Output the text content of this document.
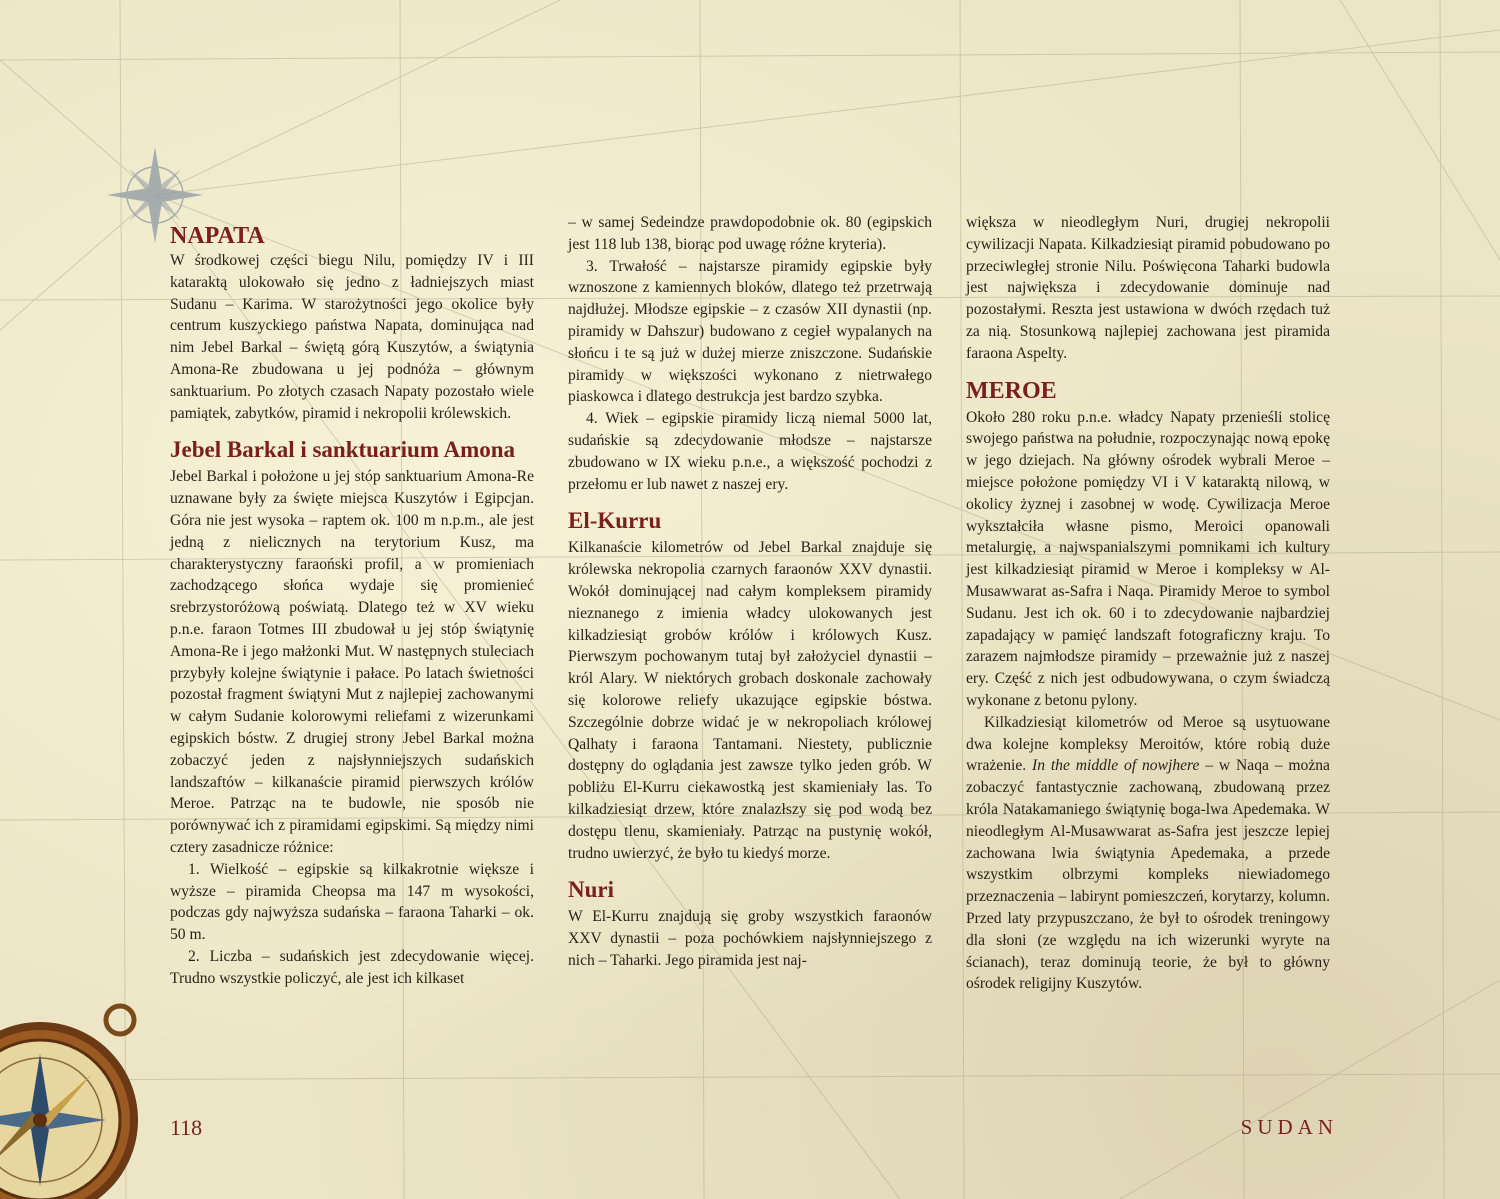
NAPATA

W środkowej części biegu Nilu, pomiędzy IV i III kataraktą ulokowało się jedno z ładniejszych miast Sudanu – Karima. W starożytności jego okolice były centrum kuszyckiego państwa Napata, dominująca nad nim Jebel Barkal – świętą górą Kuszytów, a świątynia Amona-Re zbudowana u jej podnóża – głównym sanktuarium. Po złotych czasach Napaty pozostało wiele pamiątek, zabytków, piramid i nekropolii królewskich.

Jebel Barkal i sanktuarium Amona

Jebel Barkal i położone u jej stóp sanktuarium Amona-Re uznawane były za święte miejsca Kuszytów i Egipcjan. Góra nie jest wysoka – raptem ok. 100 m n.p.m., ale jest jedną z nielicznych na terytorium Kusz, ma charakterystyczny faraoński profil, a w promieniach zachodzącego słońca wydaje się promienieć srebrzystoróżową poświatą. Dlatego też w XV wieku p.n.e. faraon Totmes III zbudował u jej stóp świątynię Amona-Re i jego małżonki Mut. W następnych stuleciach przybyły kolejne świątynie i pałace. Po latach świetności pozostał fragment świątyni Mut z najlepiej zachowanymi w całym Sudanie kolorowymi reliefami z wizerunkami egipskich bóstw. Z drugiej strony Jebel Barkal można zobaczyć jeden z najsłynniejszych sudańskich landszaftów – kilkanaście piramid pierwszych królów Meroe. Patrząc na te budowle, nie sposób nie porównywać ich z piramidami egipskimi. Są między nimi cztery zasadnicze różnice:

1. Wielkość – egipskie są kilkakrotnie większe i wyższe – piramida Cheopsa ma 147 m wysokości, podczas gdy najwyższa sudańska – faraona Taharki – ok. 50 m.

2. Liczba – sudańskich jest zdecydowanie więcej. Trudno wszystkie policzyć, ale jest ich kilkaset

– w samej Sedeindze prawdopodobnie ok. 80 (egipskich jest 118 lub 138, biorąc pod uwagę różne kryteria).

3. Trwałość – najstarsze piramidy egipskie były wznoszone z kamiennych bloków, dlatego też przetrwają najdłużej. Młodsze egipskie – z czasów XII dynastii (np. piramidy w Dahszur) budowano z cegieł wypalanych na słońcu i te są już w dużej mierze zniszczone. Sudańskie piramidy w większości wykonano z nietrwałego piaskowca i dlatego destrukcja jest bardzo szybka.

4. Wiek – egipskie piramidy liczą niemal 5000 lat, sudańskie są zdecydowanie młodsze – najstarsze zbudowano w IX wieku p.n.e., a większość pochodzi z przełomu er lub nawet z naszej ery.

El-Kurru

Kilkanaście kilometrów od Jebel Barkal znajduje się królewska nekropolia czarnych faraonów XXV dynastii. Wokół dominującej nad całym kompleksem piramidy nieznanego z imienia władcy ulokowanych jest kilkadziesiąt grobów królów i królowych Kusz. Pierwszym pochowanym tutaj był założyciel dynastii – król Alary. W niektórych grobach doskonale zachowały się kolorowe reliefy ukazujące egipskie bóstwa. Szczególnie dobrze widać je w nekropoliach królowej Qalhaty i faraona Tantamani. Niestety, publicznie dostępny do oglądania jest zawsze tylko jeden grób. W pobliżu El-Kurru ciekawostką jest skamieniały las. To kilkadziesiąt drzew, które znalazłszy się pod wodą bez dostępu tlenu, skamieniały. Patrząc na pustynię wokół, trudno uwierzyć, że było tu kiedyś morze.

Nuri

W El-Kurru znajdują się groby wszystkich faraonów XXV dynastii – poza pochówkiem najsłynniejszego z nich – Taharki. Jego piramida jest naj-

większa w nieodległym Nuri, drugiej nekropolii cywilizacji Napata. Kilkadziesiąt piramid pobudowano po przeciwległej stronie Nilu. Poświęcona Taharki budowla jest największa i zdecydowanie dominuje nad pozostałymi. Reszta jest ustawiona w dwóch rzędach tuż za nią. Stosunkową najlepiej zachowana jest piramida faraona Aspelty.

MEROE

Około 280 roku p.n.e. władcy Napaty przenieśli stolicę swojego państwa na południe, rozpoczynając nową epokę w jego dziejach. Na główny ośrodek wybrali Meroe – miejsce położone pomiędzy VI i V kataraktą nilową, w okolicy żyznej i zasobnej w wodę. Cywilizacja Meroe wykształciła własne pismo, Meroici opanowali metalurgię, a najwspanialszymi pomnikami ich kultury jest kilkadziesiąt piramid w Meroe i kompleksy w Al-Musawwarat as-Safra i Naqa. Piramidy Meroe to symbol Sudanu. Jest ich ok. 60 i to zdecydowanie najbardziej zapadający w pamięć landszaft fotograficzny kraju. To zarazem najmłodsze piramidy – przeważnie już z naszej ery. Część z nich jest odbudowywana, o czym świadczą wykonane z betonu pylony.

Kilkadziesiąt kilometrów od Meroe są usytuowane dwa kolejne kompleksy Meroitów, które robią duże wrażenie. In the middle of nowjhere – w Naqa – można zobaczyć fantastycznie zachowaną, zbudowaną przez króla Natakamaniego świątynię boga-lwa Apedemaka. W nieodległym Al-Musawwarat as-Safra jest jeszcze lepiej zachowana lwia świątynia Apedemaka, a przede wszystkim olbrzymi kompleks niewiadomego przeznaczenia – labirynt pomieszczeń, korytarzy, kolumn. Przed laty przypuszczano, że był to ośrodek treningowy dla słoni (ze względu na ich wizerunki wyryte na ścianach), teraz dominują teorie, że był to główny ośrodek religijny Kuszytów.

118	SUDAN
